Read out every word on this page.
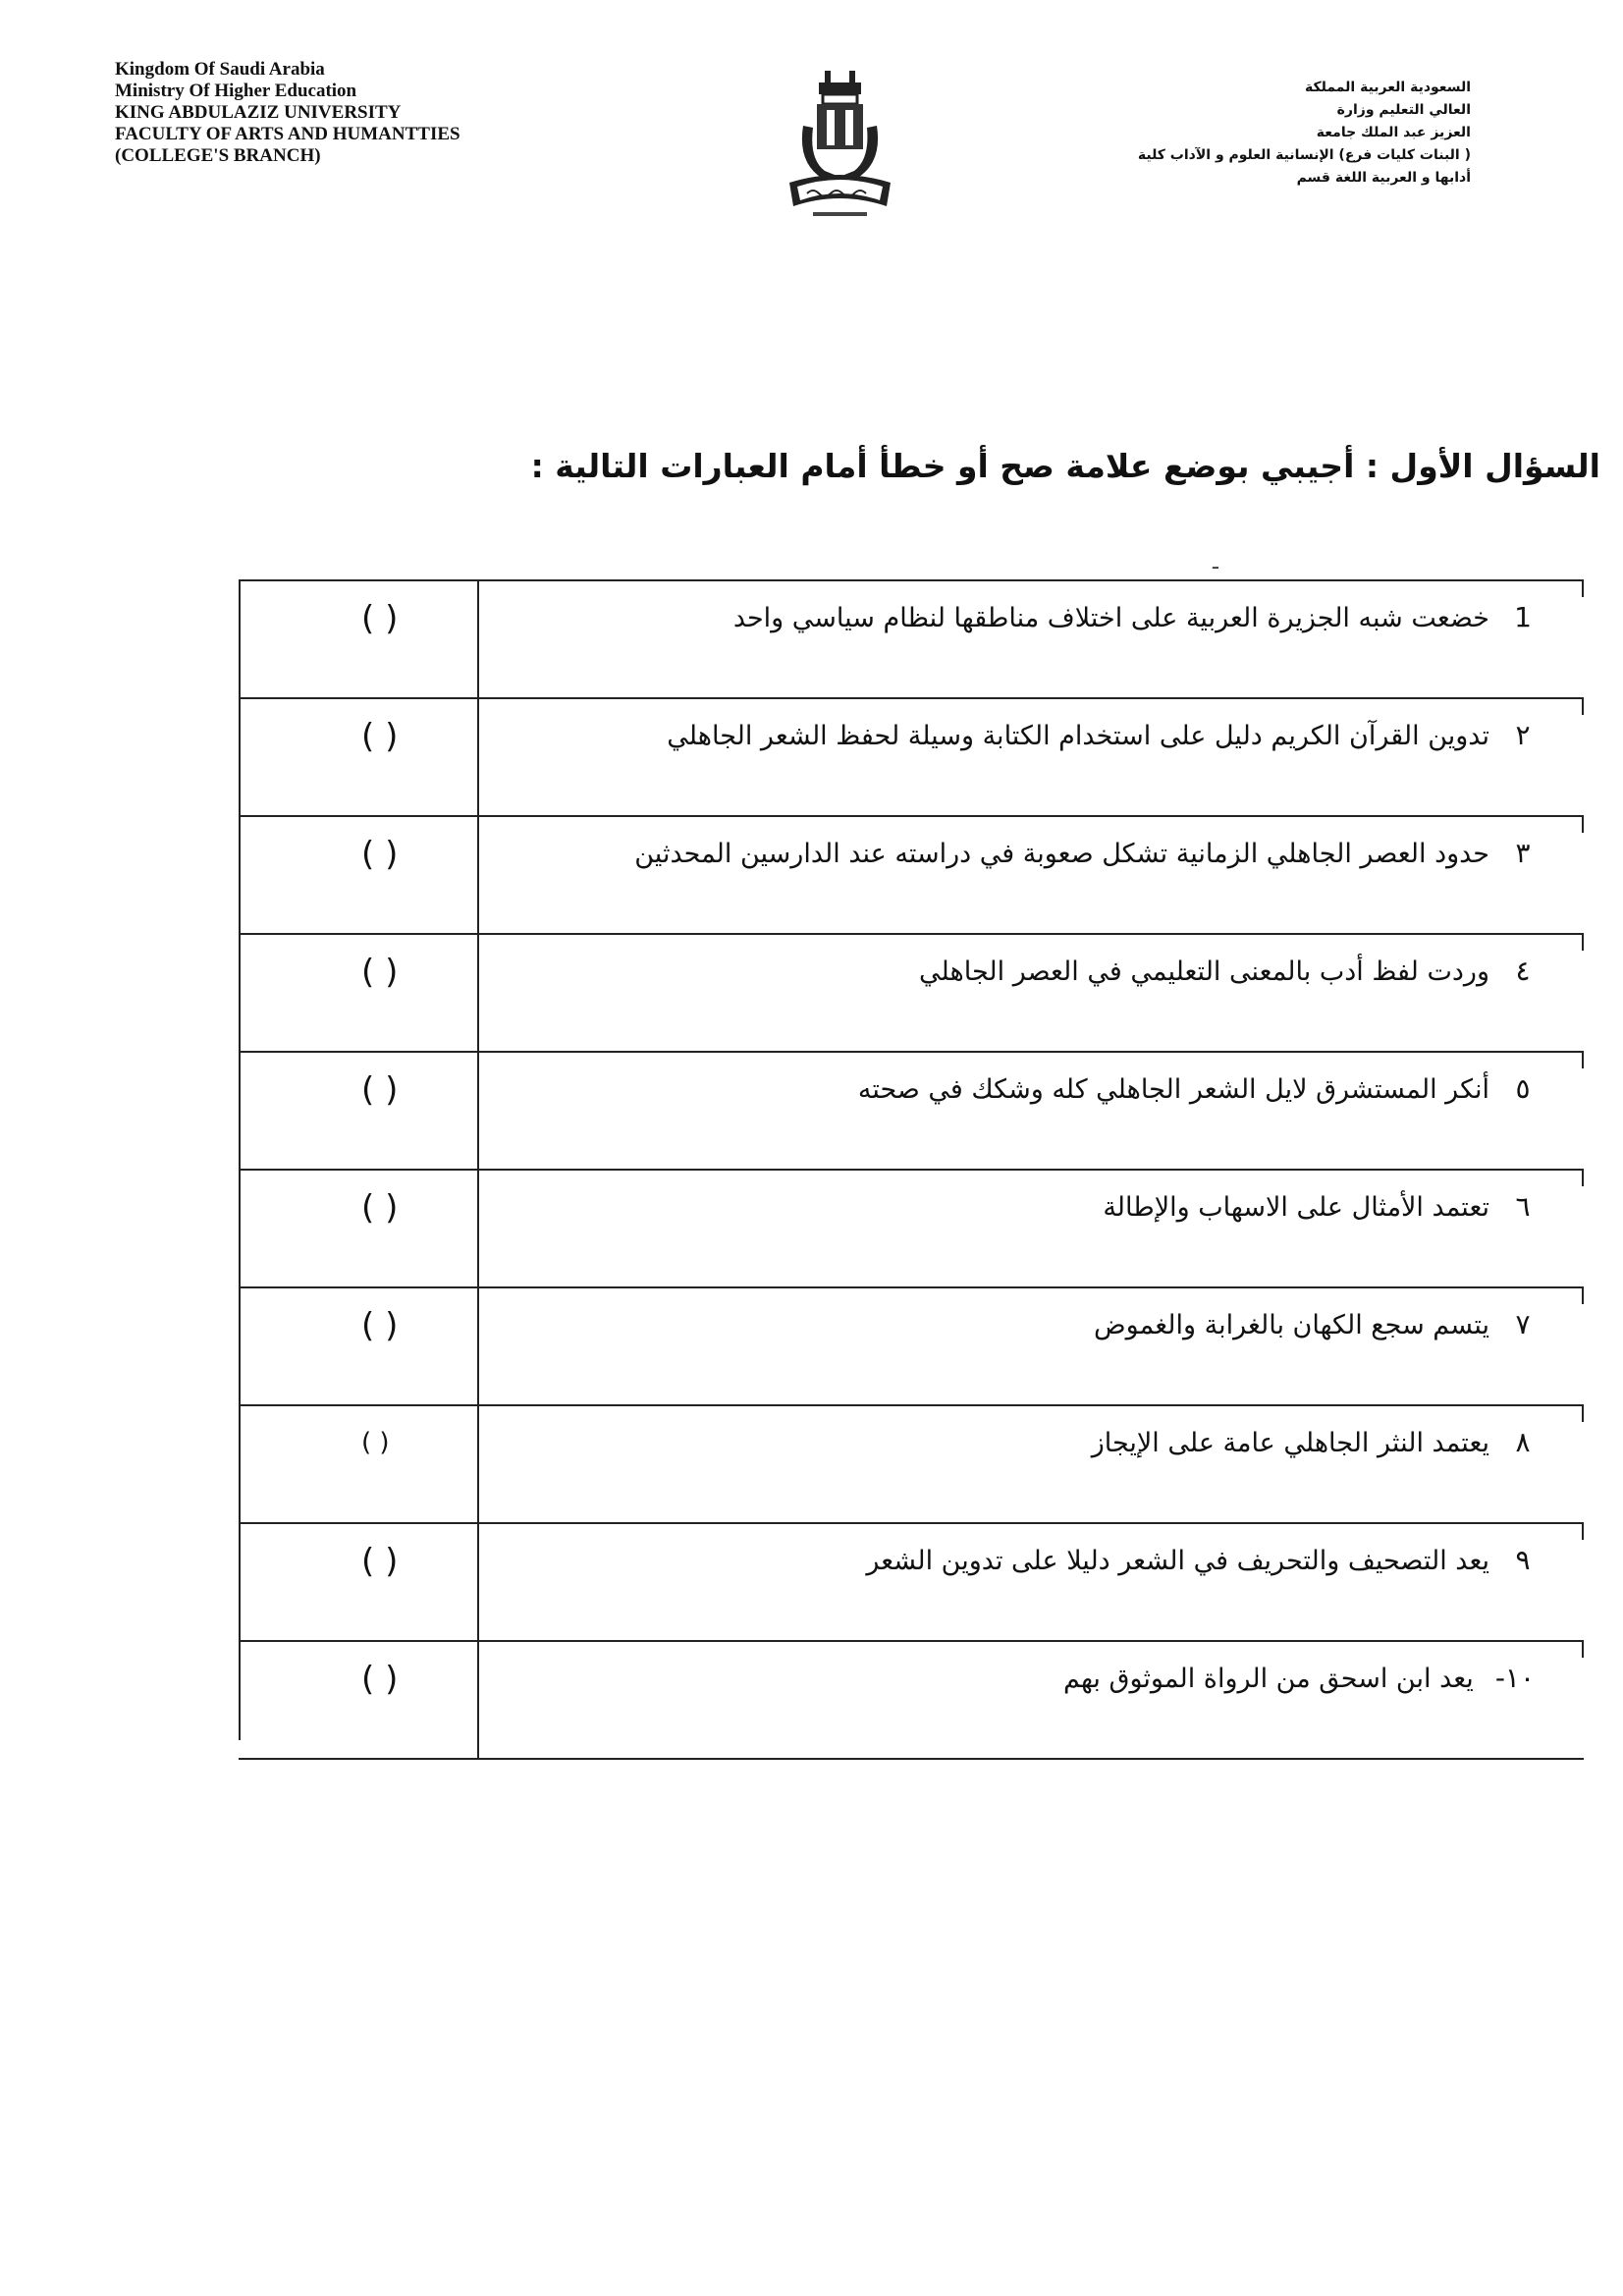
Kingdom Of Saudi Arabia
Ministry Of Higher Education
KING ABDULAZIZ UNIVERSITY
FACULTY OF ARTS AND HUMANTTIES
(COLLEGE'S BRANCH)
السعودية العربية المملكة
العالي التعليم وزارة
العزيز عبد الملك جامعة
( البنات كليات فرع) الإنسانية العلوم و الآداب كلية
أدابها و العربية اللغة قسم
السؤال الأول : أجيبي بوضع علامة صح أو خطأ أمام العبارات التالية :
ـ
1
خضعت شبه الجزيرة العربية على اختلاف مناطقها لنظام سياسي واحد
( )
٢
تدوين القرآن الكريم دليل على استخدام الكتابة وسيلة لحفظ الشعر الجاهلي
( )
٣
حدود العصر الجاهلي الزمانية تشكل صعوبة في دراسته عند الدارسين المحدثين
( )
٤
وردت لفظ أدب بالمعنى التعليمي في العصر الجاهلي
( )
٥
أنكر المستشرق لايل الشعر الجاهلي كله وشكك في صحته
( )
٦
تعتمد الأمثال على الاسهاب والإطالة
( )
٧
يتسم سجع الكهان بالغرابة والغموض
( )
٨
يعتمد النثر الجاهلي عامة على الإيجاز
( )
٩
يعد التصحيف والتحريف في الشعر دليلا على تدوين الشعر
( )
١٠-
يعد ابن اسحق من الرواة الموثوق بهم
( )
